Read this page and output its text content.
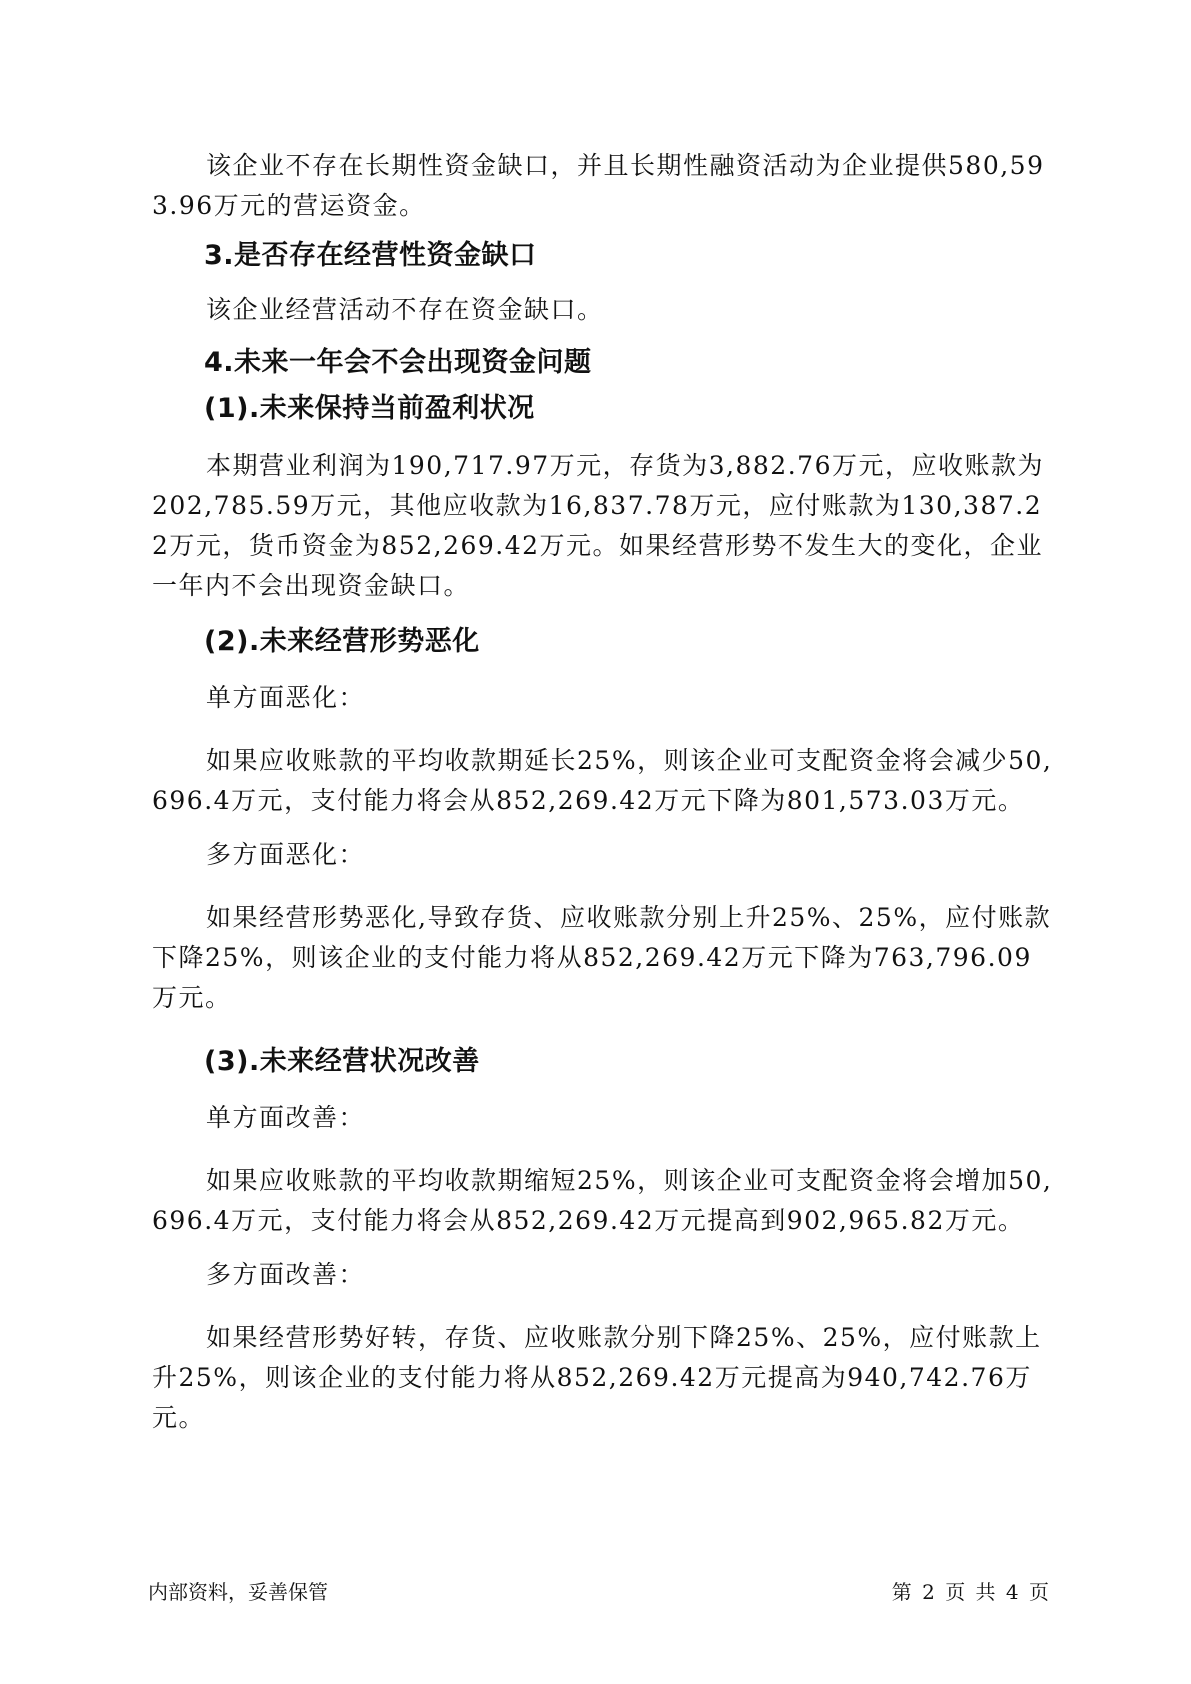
该企业不存在长期性资金缺口，并且长期性融资活动为企业提供580,593.96万元的营运资金。

3.是否存在经营性资金缺口

该企业经营活动不存在资金缺口。

4.未来一年会不会出现资金问题
(1).未来保持当前盈利状况

本期营业利润为190,717.97万元，存货为3,882.76万元，应收账款为202,785.59万元，其他应收款为16,837.78万元，应付账款为130,387.22万元，货币资金为852,269.42万元。如果经营形势不发生大的变化，企业一年内不会出现资金缺口。

(2).未来经营形势恶化

单方面恶化：

如果应收账款的平均收款期延长25%，则该企业可支配资金将会减少50,696.4万元，支付能力将会从852,269.42万元下降为801,573.03万元。

多方面恶化：

如果经营形势恶化,导致存货、应收账款分别上升25%、25%，应付账款下降25%，则该企业的支付能力将从852,269.42万元下降为763,796.09万元。

(3).未来经营状况改善

单方面改善：

如果应收账款的平均收款期缩短25%，则该企业可支配资金将会增加50,696.4万元，支付能力将会从852,269.42万元提高到902,965.82万元。

多方面改善：

如果经营形势好转，存货、应收账款分别下降25%、25%，应付账款上升25%，则该企业的支付能力将从852,269.42万元提高为940,742.76万元。

内部资料，妥善保管	第 2 页 共 4 页
